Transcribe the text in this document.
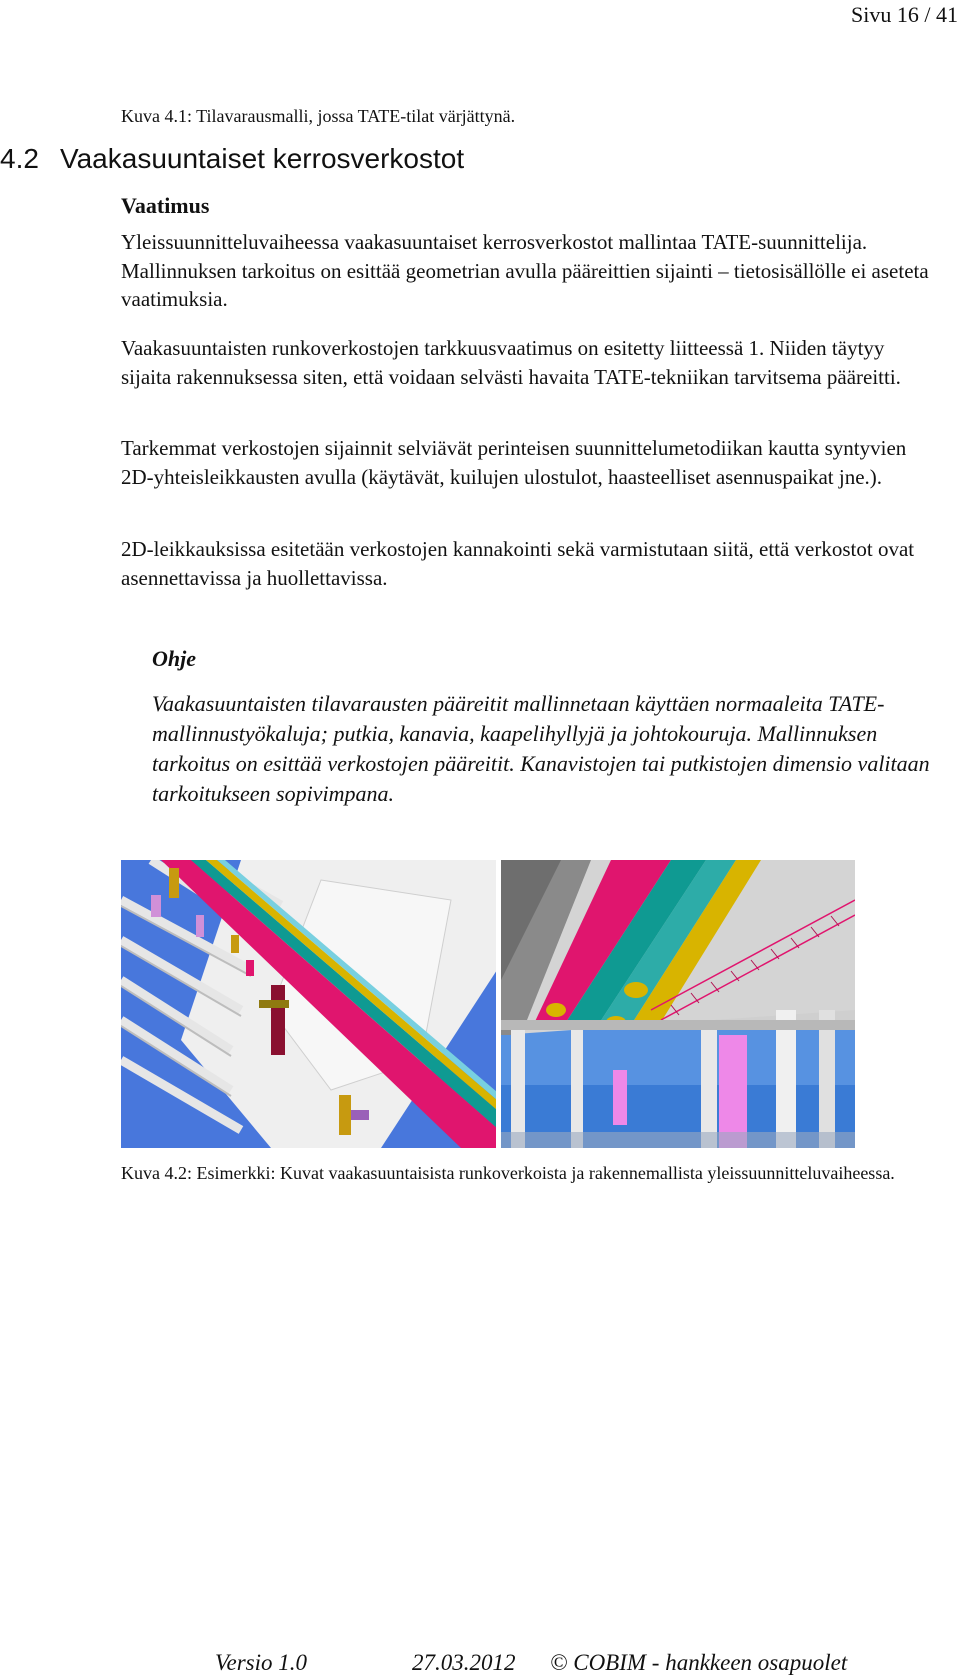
Sivu 16 / 41
Kuva 4.1: Tilavarausmalli, jossa TATE-tilat värjättynä.
4.2 Vaakasuuntaiset kerrosverkostot
Vaatimus
Yleissuunnitteluvaiheessa vaakasuuntaiset kerrosverkostot mallintaa TATE-suunnittelija. Mallinnuksen tarkoitus on esittää geometrian avulla pääreittien sijainti – tietosisällölle ei aseteta vaatimuksia.
Vaakasuuntaisten runkoverkostojen tarkkuusvaatimus on esitetty liitteessä 1. Niiden täytyy sijaita rakennuksessa siten, että voidaan selvästi havaita TATE-tekniikan tarvitsema pääreitti.
Tarkemmat verkostojen sijainnit selviävät perinteisen suunnittelumetodiikan kautta syntyvien 2D-yhteisleikkausten avulla (käytävät, kuilujen ulostulot, haasteelliset asennuspaikat jne.).
2D-leikkauksissa esitetään verkostojen kannakointi sekä varmistutaan siitä, että verkostot ovat asennettavissa ja huollettavissa.
Ohje
Vaakasuuntaisten tilavarausten pääreitit mallinnetaan käyttäen normaaleita TATE-mallinnustyökaluja; putkia, kanavia, kaapelihyllyjä ja johtokouruja. Mallinnuksen tarkoitus on esittää verkostojen pääreitit. Kanavistojen tai putkistojen dimensio valitaan tarkoitukseen sopivimpana.
Kuva 4.2: Esimerkki: Kuvat vaakasuuntaisista runkoverkoista ja rakennemallista yleissuunnitteluvaiheessa.
Versio 1.0	27.03.2012 © COBIM - hankkeen osapuolet
